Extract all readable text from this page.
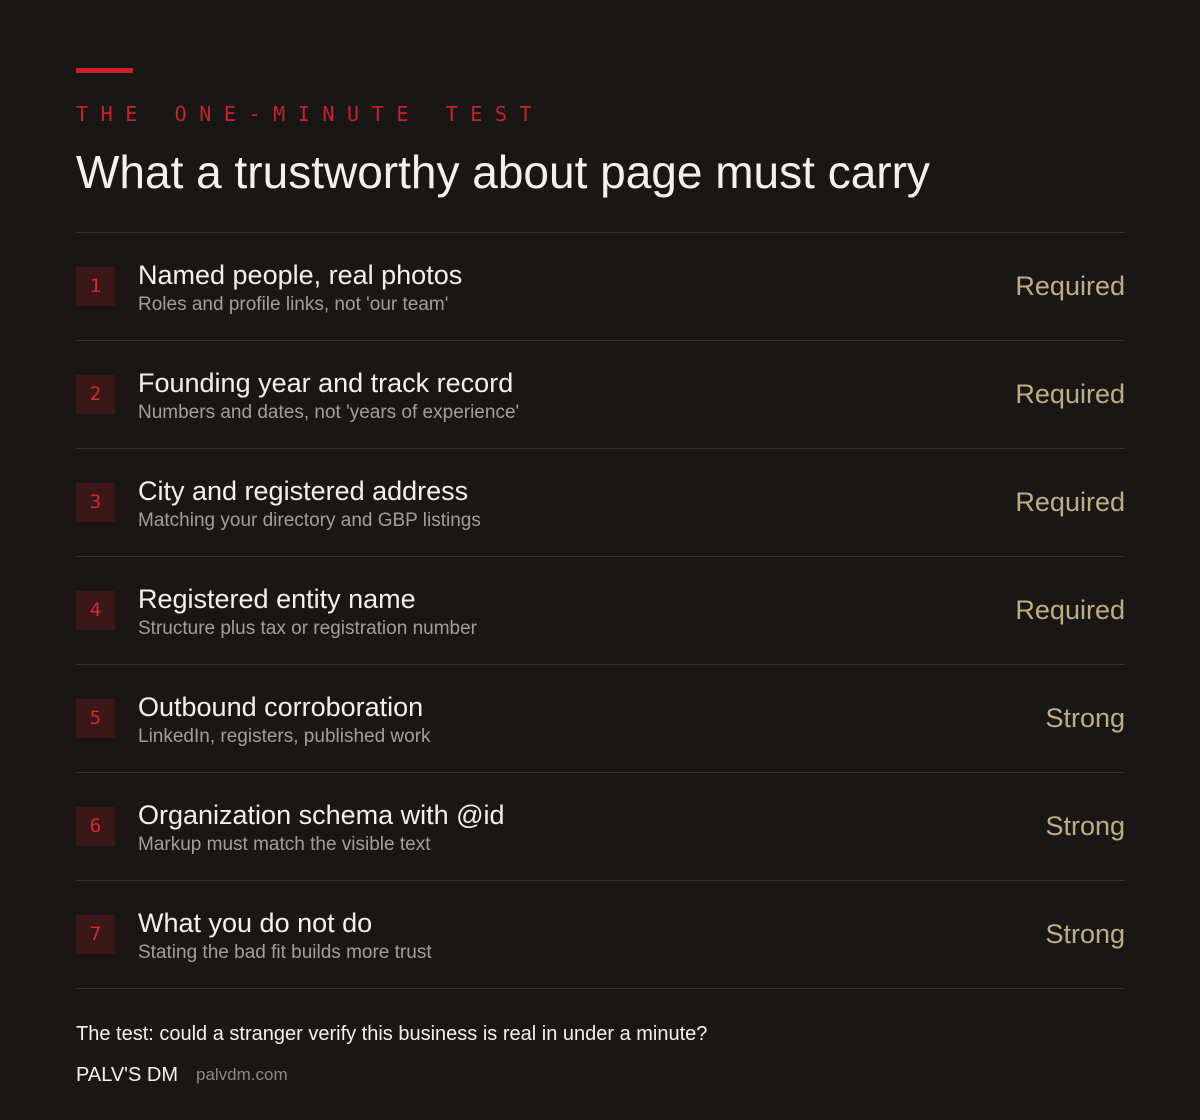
THE ONE-MINUTE TEST
What a trustworthy about page must carry
1	Named people, real photos
Roles and profile links, not 'our team'
Required
2	Founding year and track record
Numbers and dates, not 'years of experience'
Required
3	City and registered address
Matching your directory and GBP listings
Required
4	Registered entity name
Structure plus tax or registration number
Required
5	Outbound corroboration
LinkedIn, registers, published work
Strong
6	Organization schema with @id
Markup must match the visible text
Strong
7	What you do not do
Stating the bad fit builds more trust
Strong
The test: could a stranger verify this business is real in under a minute?
PALV'S DM palvdm.com
